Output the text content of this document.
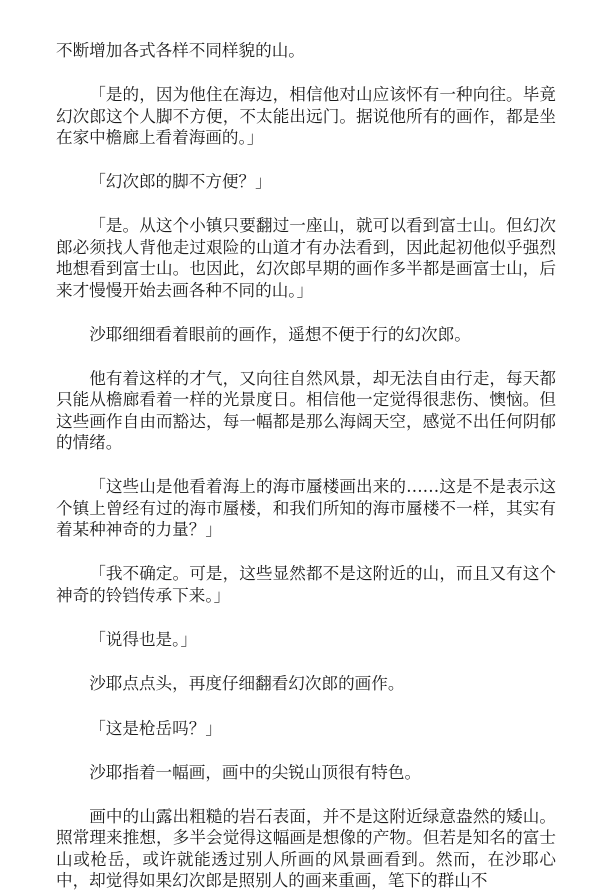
不断增加各式各样不同样貌的山。

「是的，因为他住在海边，相信他对山应该怀有一种向往。毕竟幻次郎这个人脚不方便，不太能出远门。据说他所有的画作，都是坐在家中檐廊上看着海画的。」

「幻次郎的脚不方便？」

「是。从这个小镇只要翻过一座山，就可以看到富士山。但幻次郎必须找人背他走过艰险的山道才有办法看到，因此起初他似乎强烈地想看到富士山。也因此，幻次郎早期的画作多半都是画富士山，后来才慢慢开始去画各种不同的山。」

沙耶细细看着眼前的画作，遥想不便于行的幻次郎。

他有着这样的才气，又向往自然风景，却无法自由行走，每天都只能从檐廊看着一样的光景度日。相信他一定觉得很悲伤、懊恼。但这些画作自由而豁达，每一幅都是那么海阔天空，感觉不出任何阴郁的情绪。

「这些山是他看着海上的海市蜃楼画出来的……这是不是表示这个镇上曾经有过的海市蜃楼，和我们所知的海市蜃楼不一样，其实有着某种神奇的力量？」

「我不确定。可是，这些显然都不是这附近的山，而且又有这个神奇的铃铛传承下来。」

「说得也是。」

沙耶点点头，再度仔细翻看幻次郎的画作。

「这是枪岳吗？」

沙耶指着一幅画，画中的尖锐山顶很有特色。

画中的山露出粗糙的岩石表面，并不是这附近绿意盎然的矮山。照常理来推想，多半会觉得这幅画是想像的产物。但若是知名的富士山或枪岳，或许就能透过别人所画的风景画看到。然而，在沙耶心中，却觉得如果幻次郎是照别人的画来重画，笔下的群山不
